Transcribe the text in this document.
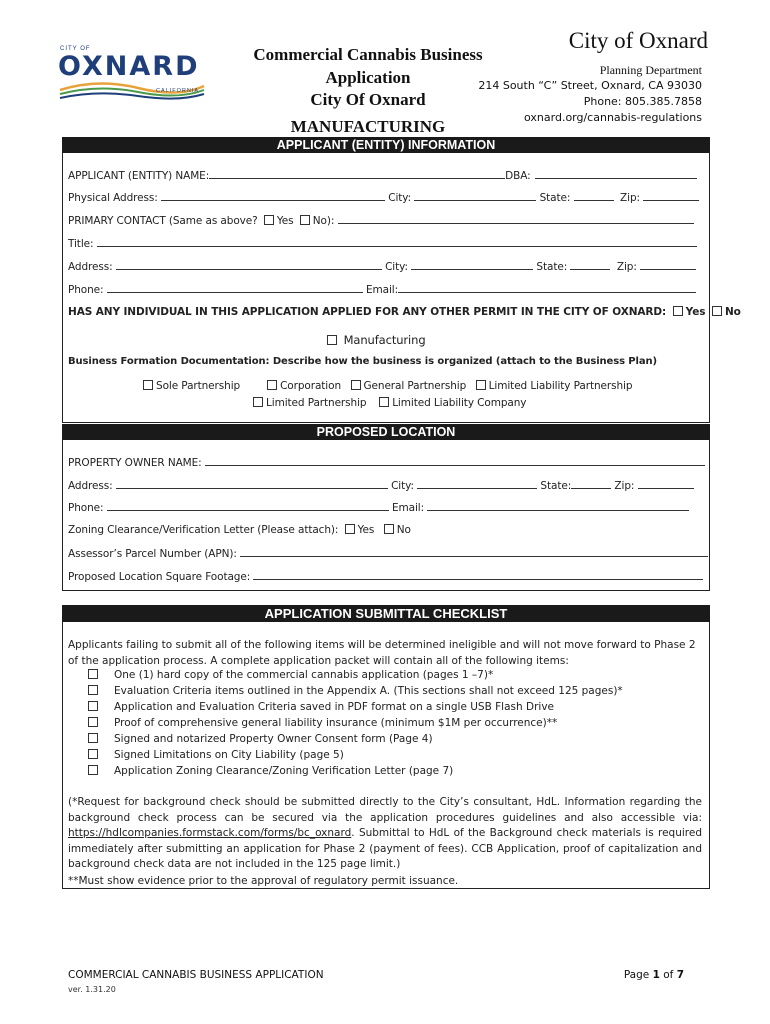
CITY OF
OXNARD
CALIFORNIA
Commercial Cannabis Business
Application
City Of Oxnard
MANUFACTURING
City of Oxnard
Planning Department
214 South “C” Street, Oxnard, CA 93030
Phone: 805.385.7858
oxnard.org/cannabis-regulations
APPLICANT (ENTITY) INFORMATION
APPLICANT (ENTITY) NAME:	DBA:
Physical Address:	City:	State:	Zip:
PRIMARY CONTACT (Same as above? Yes No):
Title:
Address:	City:	State:	Zip:
Phone:	Email:
HAS ANY INDIVIDUAL IN THIS APPLICATION APPLIED FOR ANY OTHER PERMIT IN THE CITY OF OXNARD: Yes No
Manufacturing
Business Formation Documentation: Describe how the business is organized (attach to the Business Plan)
Sole Partnership	Corporation General Partnership Limited Liability Partnership
Limited Partnership Limited Liability Company
PROPOSED LOCATION
PROPERTY OWNER NAME:
Address:	City:	State:	Zip:
Phone:	Email:
Zoning Clearance/Verification Letter (Please attach): Yes No
Assessor’s Parcel Number (APN):
Proposed Location Square Footage:
APPLICATION SUBMITTAL CHECKLIST
Applicants failing to submit all of the following items will be determined ineligible and will not move forward to Phase 2 of the application process. A complete application packet will contain all of the following items:
One (1) hard copy of the commercial cannabis application (pages 1 –7)*
Evaluation Criteria items outlined in the Appendix A. (This sections shall not exceed 125 pages)*
Application and Evaluation Criteria saved in PDF format on a single USB Flash Drive
Proof of comprehensive general liability insurance (minimum $1M per occurrence)**
Signed and notarized Property Owner Consent form (Page 4)
Signed Limitations on City Liability (page 5)
Application Zoning Clearance/Zoning Verification Letter (page 7)
(*Request for background check should be submitted directly to the City’s consultant, HdL. Information regarding the background check process can be secured via the application procedures guidelines and also accessible via: https://hdlcompanies.formstack.com/forms/bc_oxnard. Submittal to HdL of the Background check materials is required immediately after submitting an application for Phase 2 (payment of fees). CCB Application, proof of capitalization and background check data are not included in the 125 page limit.)
**Must show evidence prior to the approval of regulatory permit issuance.
COMMERCIAL CANNABIS BUSINESS APPLICATION
ver. 1.31.20
Page 1 of 7
